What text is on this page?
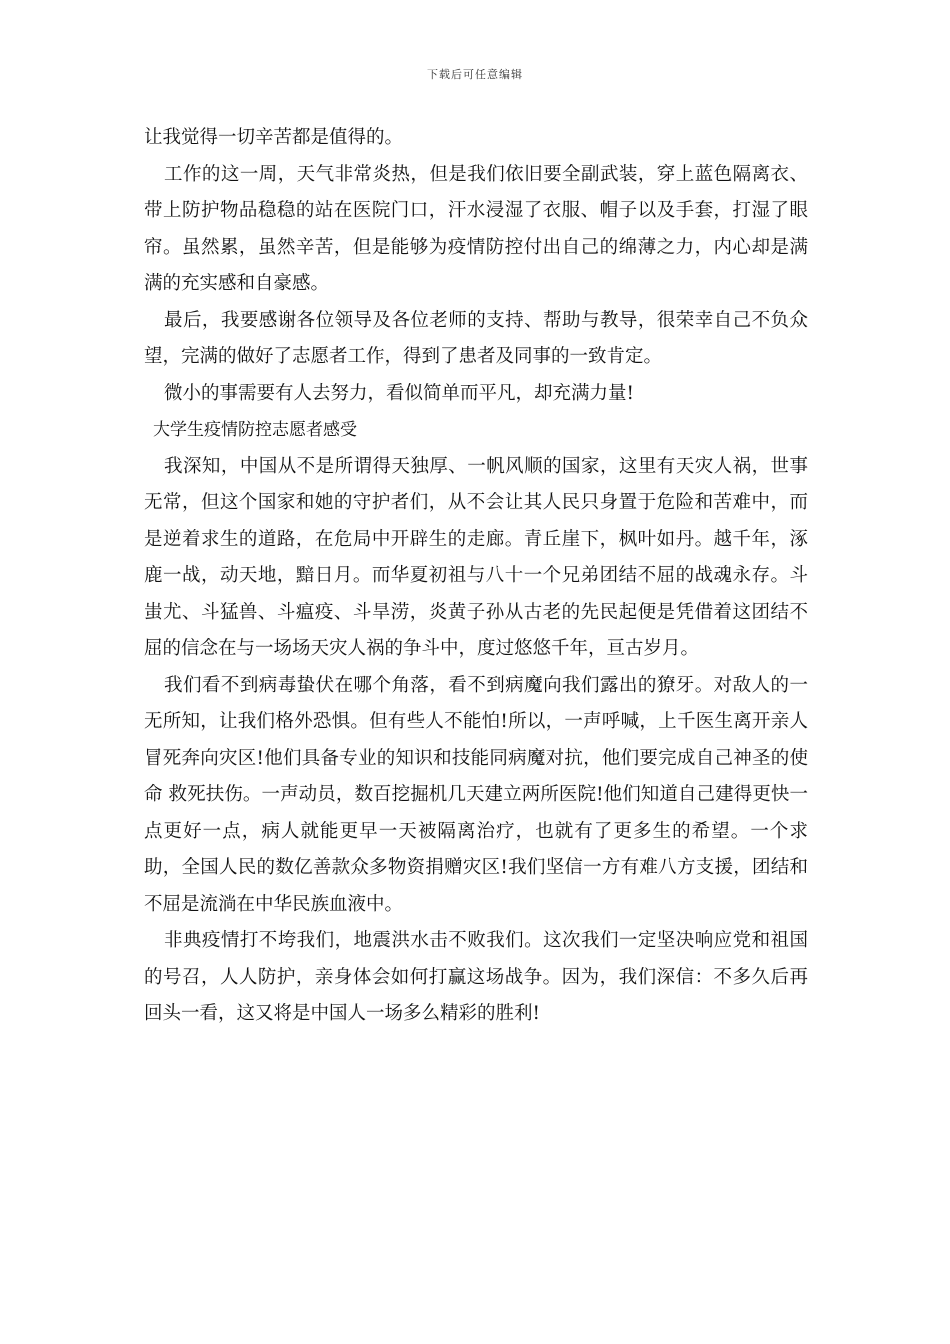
下载后可任意编辑

让我觉得一切辛苦都是值得的。

工作的这一周，天气非常炎热，但是我们依旧要全副武装，穿上蓝色隔离衣、带上防护物品稳稳的站在医院门口，汗水浸湿了衣服、帽子以及手套，打湿了眼帘。虽然累，虽然辛苦，但是能够为疫情防控付出自己的绵薄之力，内心却是满满的充实感和自豪感。

最后，我要感谢各位领导及各位老师的支持、帮助与教导，很荣幸自己不负众望，完满的做好了志愿者工作，得到了患者及同事的一致肯定。

微小的事需要有人去努力，看似简单而平凡，却充满力量!

大学生疫情防控志愿者感受

我深知，中国从不是所谓得天独厚、一帆风顺的国家，这里有天灾人祸，世事无常，但这个国家和她的守护者们，从不会让其人民只身置于危险和苦难中，而是逆着求生的道路，在危局中开辟生的走廊。青丘崖下，枫叶如丹。越千年，涿鹿一战，动天地，黯日月。而华夏初祖与八十一个兄弟团结不屈的战魂永存。斗蚩尤、斗猛兽、斗瘟疫、斗旱涝，炎黄子孙从古老的先民起便是凭借着这团结不屈的信念在与一场场天灾人祸的争斗中，度过悠悠千年，亘古岁月。

我们看不到病毒蛰伏在哪个角落，看不到病魔向我们露出的獠牙。对敌人的一无所知，让我们格外恐惧。但有些人不能怕!所以，一声呼喊，上千医生离开亲人冒死奔向灾区!他们具备专业的知识和技能同病魔对抗，他们要完成自己神圣的使命 救死扶伤。一声动员，数百挖掘机几天建立两所医院!他们知道自己建得更快一点更好一点，病人就能更早一天被隔离治疗，也就有了更多生的希望。一个求助，全国人民的数亿善款众多物资捐赠灾区!我们坚信一方有难八方支援，团结和不屈是流淌在中华民族血液中。

非典疫情打不垮我们，地震洪水击不败我们。这次我们一定坚决响应党和祖国的号召，人人防护，亲身体会如何打赢这场战争。因为，我们深信：不多久后再回头一看，这又将是中国人一场多么精彩的胜利!
